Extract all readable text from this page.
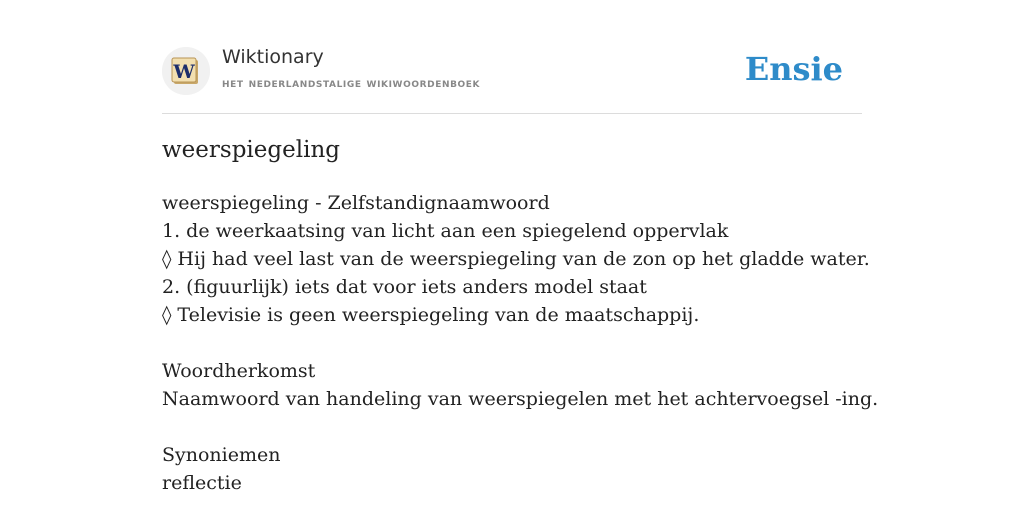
W
Wiktionary
het nederlandstalige wikiwoordenboek	Ensie
weerspiegeling
weerspiegeling - Zelfstandignaamwoord
1. de weerkaatsing van licht aan een spiegelend oppervlak
◊ Hij had veel last van de weerspiegeling van de zon op het gladde water.
2. (figuurlijk) iets dat voor iets anders model staat
◊ Televisie is geen weerspiegeling van de maatschappij.
Woordherkomst
Naamwoord van handeling van weerspiegelen met het achtervoegsel -ing.
Synoniemen
reflectie
